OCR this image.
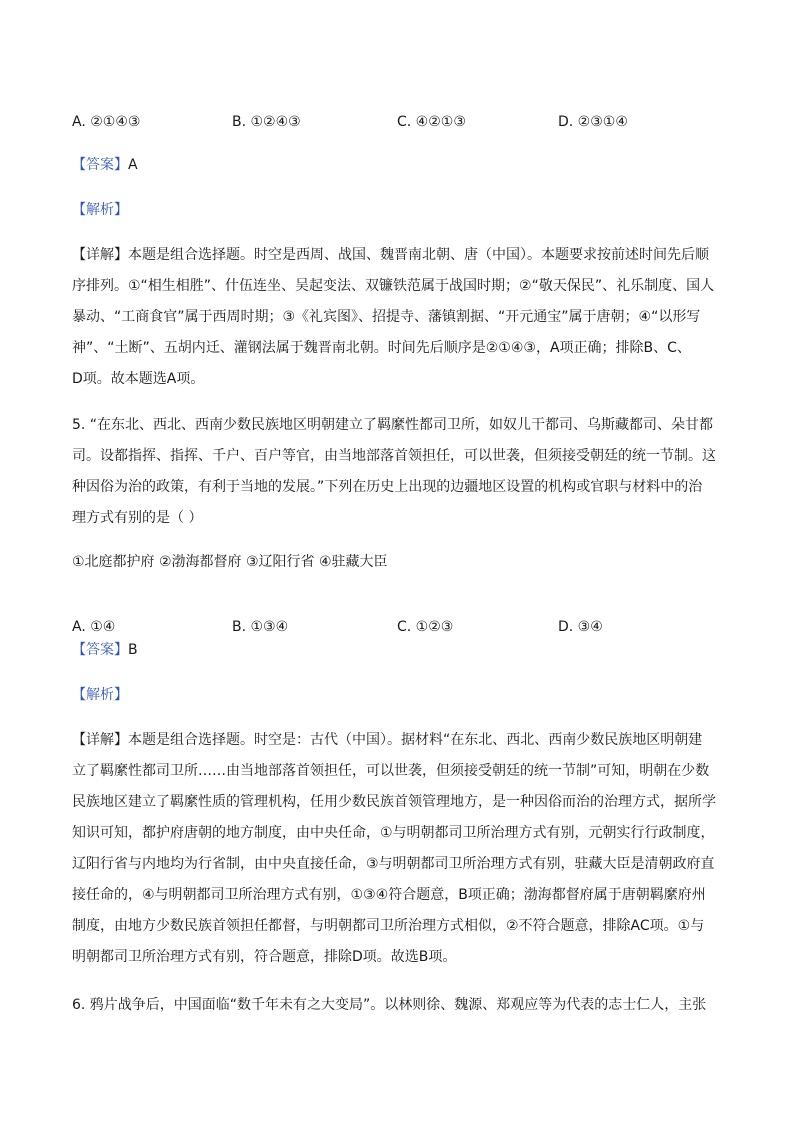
A. ②①④③	B. ①②④③	C. ④②①③	D. ②③①④
【答案】A
【解析】
【详解】本题是组合选择题。时空是西周、战国、魏晋南北朝、唐（中国）。本题要求按前述时间先后顺
序排列。①“相生相胜”、什伍连坐、吴起变法、双镰铁范属于战国时期；②“敬天保民”、礼乐制度、国人
暴动、“工商食官”属于西周时期；③《礼宾图》、招提寺、藩镇割据、“开元通宝”属于唐朝；④“以形写
神”、“土断”、五胡内迁、灌钢法属于魏晋南北朝。时间先后顺序是②①④③，A项正确；排除B、C、
D项。故本题选A项。
5. “在东北、西北、西南少数民族地区明朝建立了羁縻性都司卫所，如奴儿干都司、乌斯藏都司、朵甘都
司。设都指挥、指挥、千户、百户等官，由当地部落首领担任，可以世袭，但须接受朝廷的统一节制。这
种因俗为治的政策，有利于当地的发展。”下列在历史上出现的边疆地区设置的机构或官职与材料中的治
理方式有别的是（ ）
①北庭都护府 ②渤海都督府 ③辽阳行省 ④驻藏大臣
A. ①④	B. ①③④	C. ①②③	D. ③④
【答案】B
【解析】
【详解】本题是组合选择题。时空是：古代（中国）。据材料“在东北、西北、西南少数民族地区明朝建
立了羁縻性都司卫所……由当地部落首领担任，可以世袭，但须接受朝廷的统一节制”可知，明朝在少数
民族地区建立了羁縻性质的管理机构，任用少数民族首领管理地方，是一种因俗而治的治理方式，据所学
知识可知，都护府唐朝的地方制度，由中央任命，①与明朝都司卫所治理方式有别，元朝实行行政制度，
辽阳行省与内地均为行省制，由中央直接任命，③与明朝都司卫所治理方式有别，驻藏大臣是清朝政府直
接任命的，④与明朝都司卫所治理方式有别，①③④符合题意，B项正确；渤海都督府属于唐朝羁縻府州
制度，由地方少数民族首领担任都督，与明朝都司卫所治理方式相似，②不符合题意，排除AC项。①与
明朝都司卫所治理方式有别，符合题意，排除D项。故选B项。
6. 鸦片战争后，中国面临“数千年未有之大变局”。以林则徐、魏源、郑观应等为代表的志士仁人，主张
